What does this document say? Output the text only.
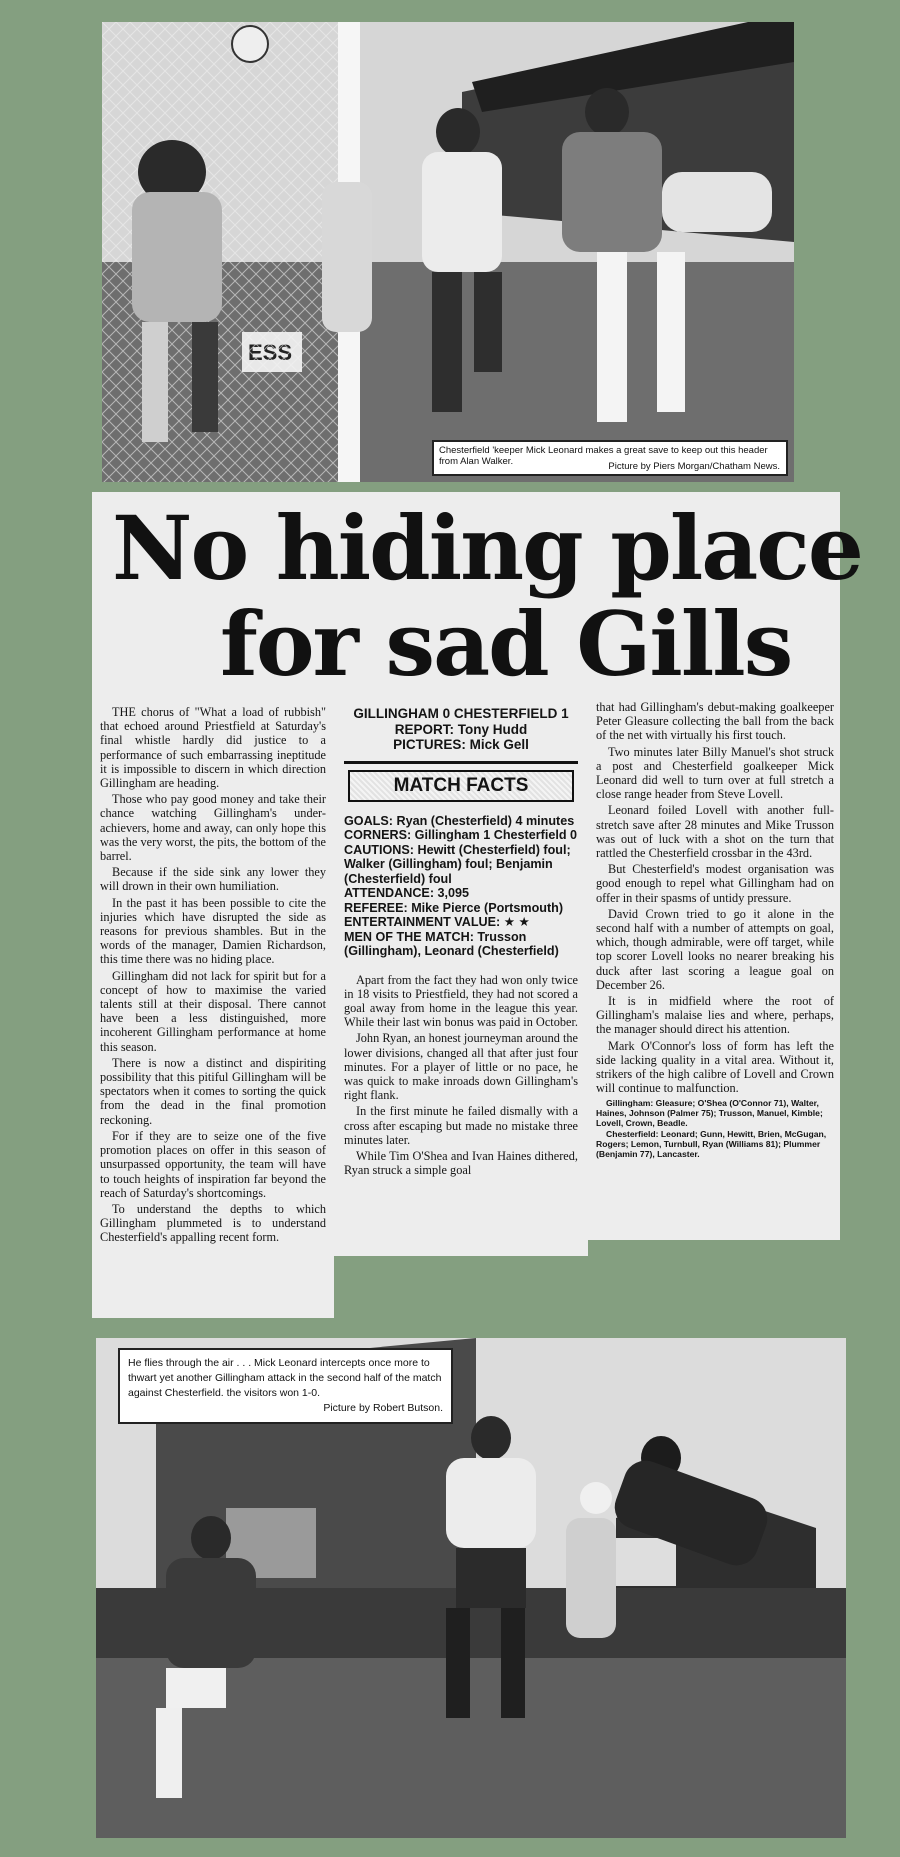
Chesterfield 'keeper Mick Leonard makes a great save to keep out this header from Alan Walker.	Picture by Piers Morgan/Chatham News.
No hiding place
for sad Gills

THE chorus of "What a load of rubbish" that echoed around Priestfield at Saturday's final whistle hardly did justice to a performance of such embarrassing ineptitude it is impossible to discern in which direction Gillingham are heading.

Those who pay good money and take their chance watching Gillingham's under-achievers, home and away, can only hope this was the very worst, the pits, the bottom of the barrel.

Because if the side sink any lower they will drown in their own humiliation.

In the past it has been possible to cite the injuries which have disrupted the side as reasons for previous shambles. But in the words of the manager, Damien Richardson, this time there was no hiding place.

Gillingham did not lack for spirit but for a concept of how to maximise the varied talents still at their disposal. There cannot have been a less distinguished, more incoherent Gillingham performance at home this season.

There is now a distinct and dispiriting possibility that this pitiful Gillingham will be spectators when it comes to sorting the quick from the dead in the final promotion reckoning.

For if they are to seize one of the five promotion places on offer in this season of unsurpassed opportunity, the team will have to touch heights of inspiration far beyond the reach of Saturday's shortcomings.

To understand the depths to which Gillingham plummeted is to understand Chesterfield's appalling recent form.

GILLINGHAM 0 CHESTERFIELD 1
REPORT: Tony Hudd
PICTURES: Mick Gell
MATCH FACTS
GOALS: Ryan (Chesterfield) 4 minutes
CORNERS: Gillingham 1 Chesterfield 0
CAUTIONS: Hewitt (Chesterfield) foul; Walker (Gillingham) foul; Benjamin (Chesterfield) foul
ATTENDANCE: 3,095
REFEREE: Mike Pierce (Portsmouth)
ENTERTAINMENT VALUE: ★ ★
MEN OF THE MATCH: Trusson (Gillingham), Leonard (Chesterfield)

Apart from the fact they had won only twice in 18 visits to Priestfield, they had not scored a goal away from home in the league this year. While their last win bonus was paid in October.

John Ryan, an honest journeyman around the lower divisions, changed all that after just four minutes. For a player of little or no pace, he was quick to make inroads down Gillingham's right flank.

In the first minute he failed dismally with a cross after escaping but made no mistake three minutes later.

While Tim O'Shea and Ivan Haines dithered, Ryan struck a simple goal

that had Gillingham's debut-making goalkeeper Peter Gleasure collecting the ball from the back of the net with virtually his first touch.

Two minutes later Billy Manuel's shot struck a post and Chesterfield goalkeeper Mick Leonard did well to turn over at full stretch a close range header from Steve Lovell.

Leonard foiled Lovell with another full-stretch save after 28 minutes and Mike Trusson was out of luck with a shot on the turn that rattled the Chesterfield crossbar in the 43rd.

But Chesterfield's modest organisation was good enough to repel what Gillingham had on offer in their spasms of untidy pressure.

David Crown tried to go it alone in the second half with a number of attempts on goal, which, though admirable, were off target, while top scorer Lovell looks no nearer breaking his duck after last scoring a league goal on December 26.

It is in midfield where the root of Gillingham's malaise lies and where, perhaps, the manager should direct his attention.

Mark O'Connor's loss of form has left the side lacking quality in a vital area. Without it, strikers of the high calibre of Lovell and Crown will continue to malfunction.

Gillingham: Gleasure; O'Shea (O'Connor 71), Walter, Haines, Johnson (Palmer 75); Trusson, Manuel, Kimble; Lovell, Crown, Beadle.

Chesterfield: Leonard; Gunn, Hewitt, Brien, McGugan, Rogers; Lemon, Turnbull, Ryan (Williams 81); Plummer (Benjamin 77), Lancaster.

He flies through the air . . . Mick Leonard intercepts once more to thwart yet another Gillingham attack in the second half of the match against Chesterfield. the visitors won 1-0.
Picture by Robert Butson.
